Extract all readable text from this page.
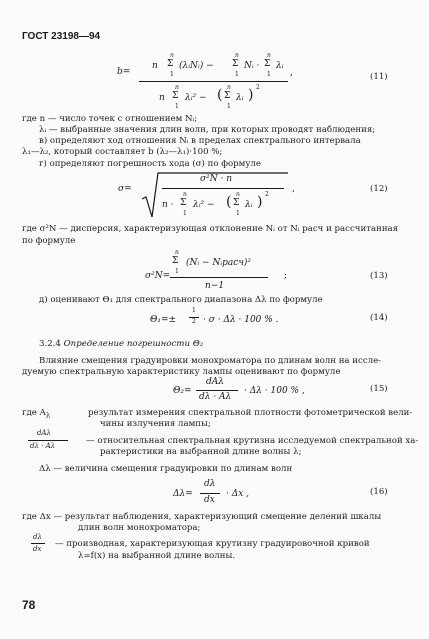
ГОСТ 23198—94
b=
n
n
Σ
1
(λᵢNᵢ) −
n
Σ
1
Nᵢ ·
n
Σ
1
λᵢ
n
n
Σ
1
λᵢ² − ( n
Σ
1
λᵢ ) 2
,	(11)
где n — число точек с отношением Nᵢ;
λᵢ — выбранные значения длин волн, при которых проводят наблюдения;
в) определяют ход отношения Nᵢ в пределах спектрального интервала
λ₁—λ₂, который составляет b (λ₂—λ₁)·100 %;
г) определяют погрешность хода (σ) по формуле
σ=
σ²N · n
n ·
n
Σ
1
λᵢ² − ( n
Σ
1
λᵢ ) 2
,	(12)
где σ²N — дисперсия, характеризующая отклонение Nᵢ от Nᵢ расч и рассчитанная
по формуле
σ²N=
n
Σ
1
(Nᵢ − Nᵢрасч)²
n−1
;	(13)
д) оценивают Θ₁ для спектрального диапазона Δλ по формуле
Θ₁=±
1
2 · σ · Δλ · 100 % .	(14)
3.2.4 Определение погрешности Θ₂
Влияние смещения градуировки монохроматора по длинам волн на иссле-
дуемую спектральную характеристику лампы оценивают по формуле
Θ₂=
dAλ
dλ · Aλ
· Δλ · 100 % ,	(15)
где $A_\lambda$	результат измерения спектральной плотности фотометрической вели-
чины излучения лампы;
dAλ
dλ · Aλ	— относительная спектральная крутизна исследуемой спектральной ха-
рактеристики на выбранной длине волны λ;
Δλ — величина смещения градуировки по длинам волн
Δλ=
dλ
dx
· Δx ,	(16)
где Δx — результат наблюдения, характеризующий смещение делений шкалы
длин волн монохроматора;
dλ
dx — производная, характеризующая крутизну градуировочной кривой
λ=f(x) на выбранной длине волны.
78
